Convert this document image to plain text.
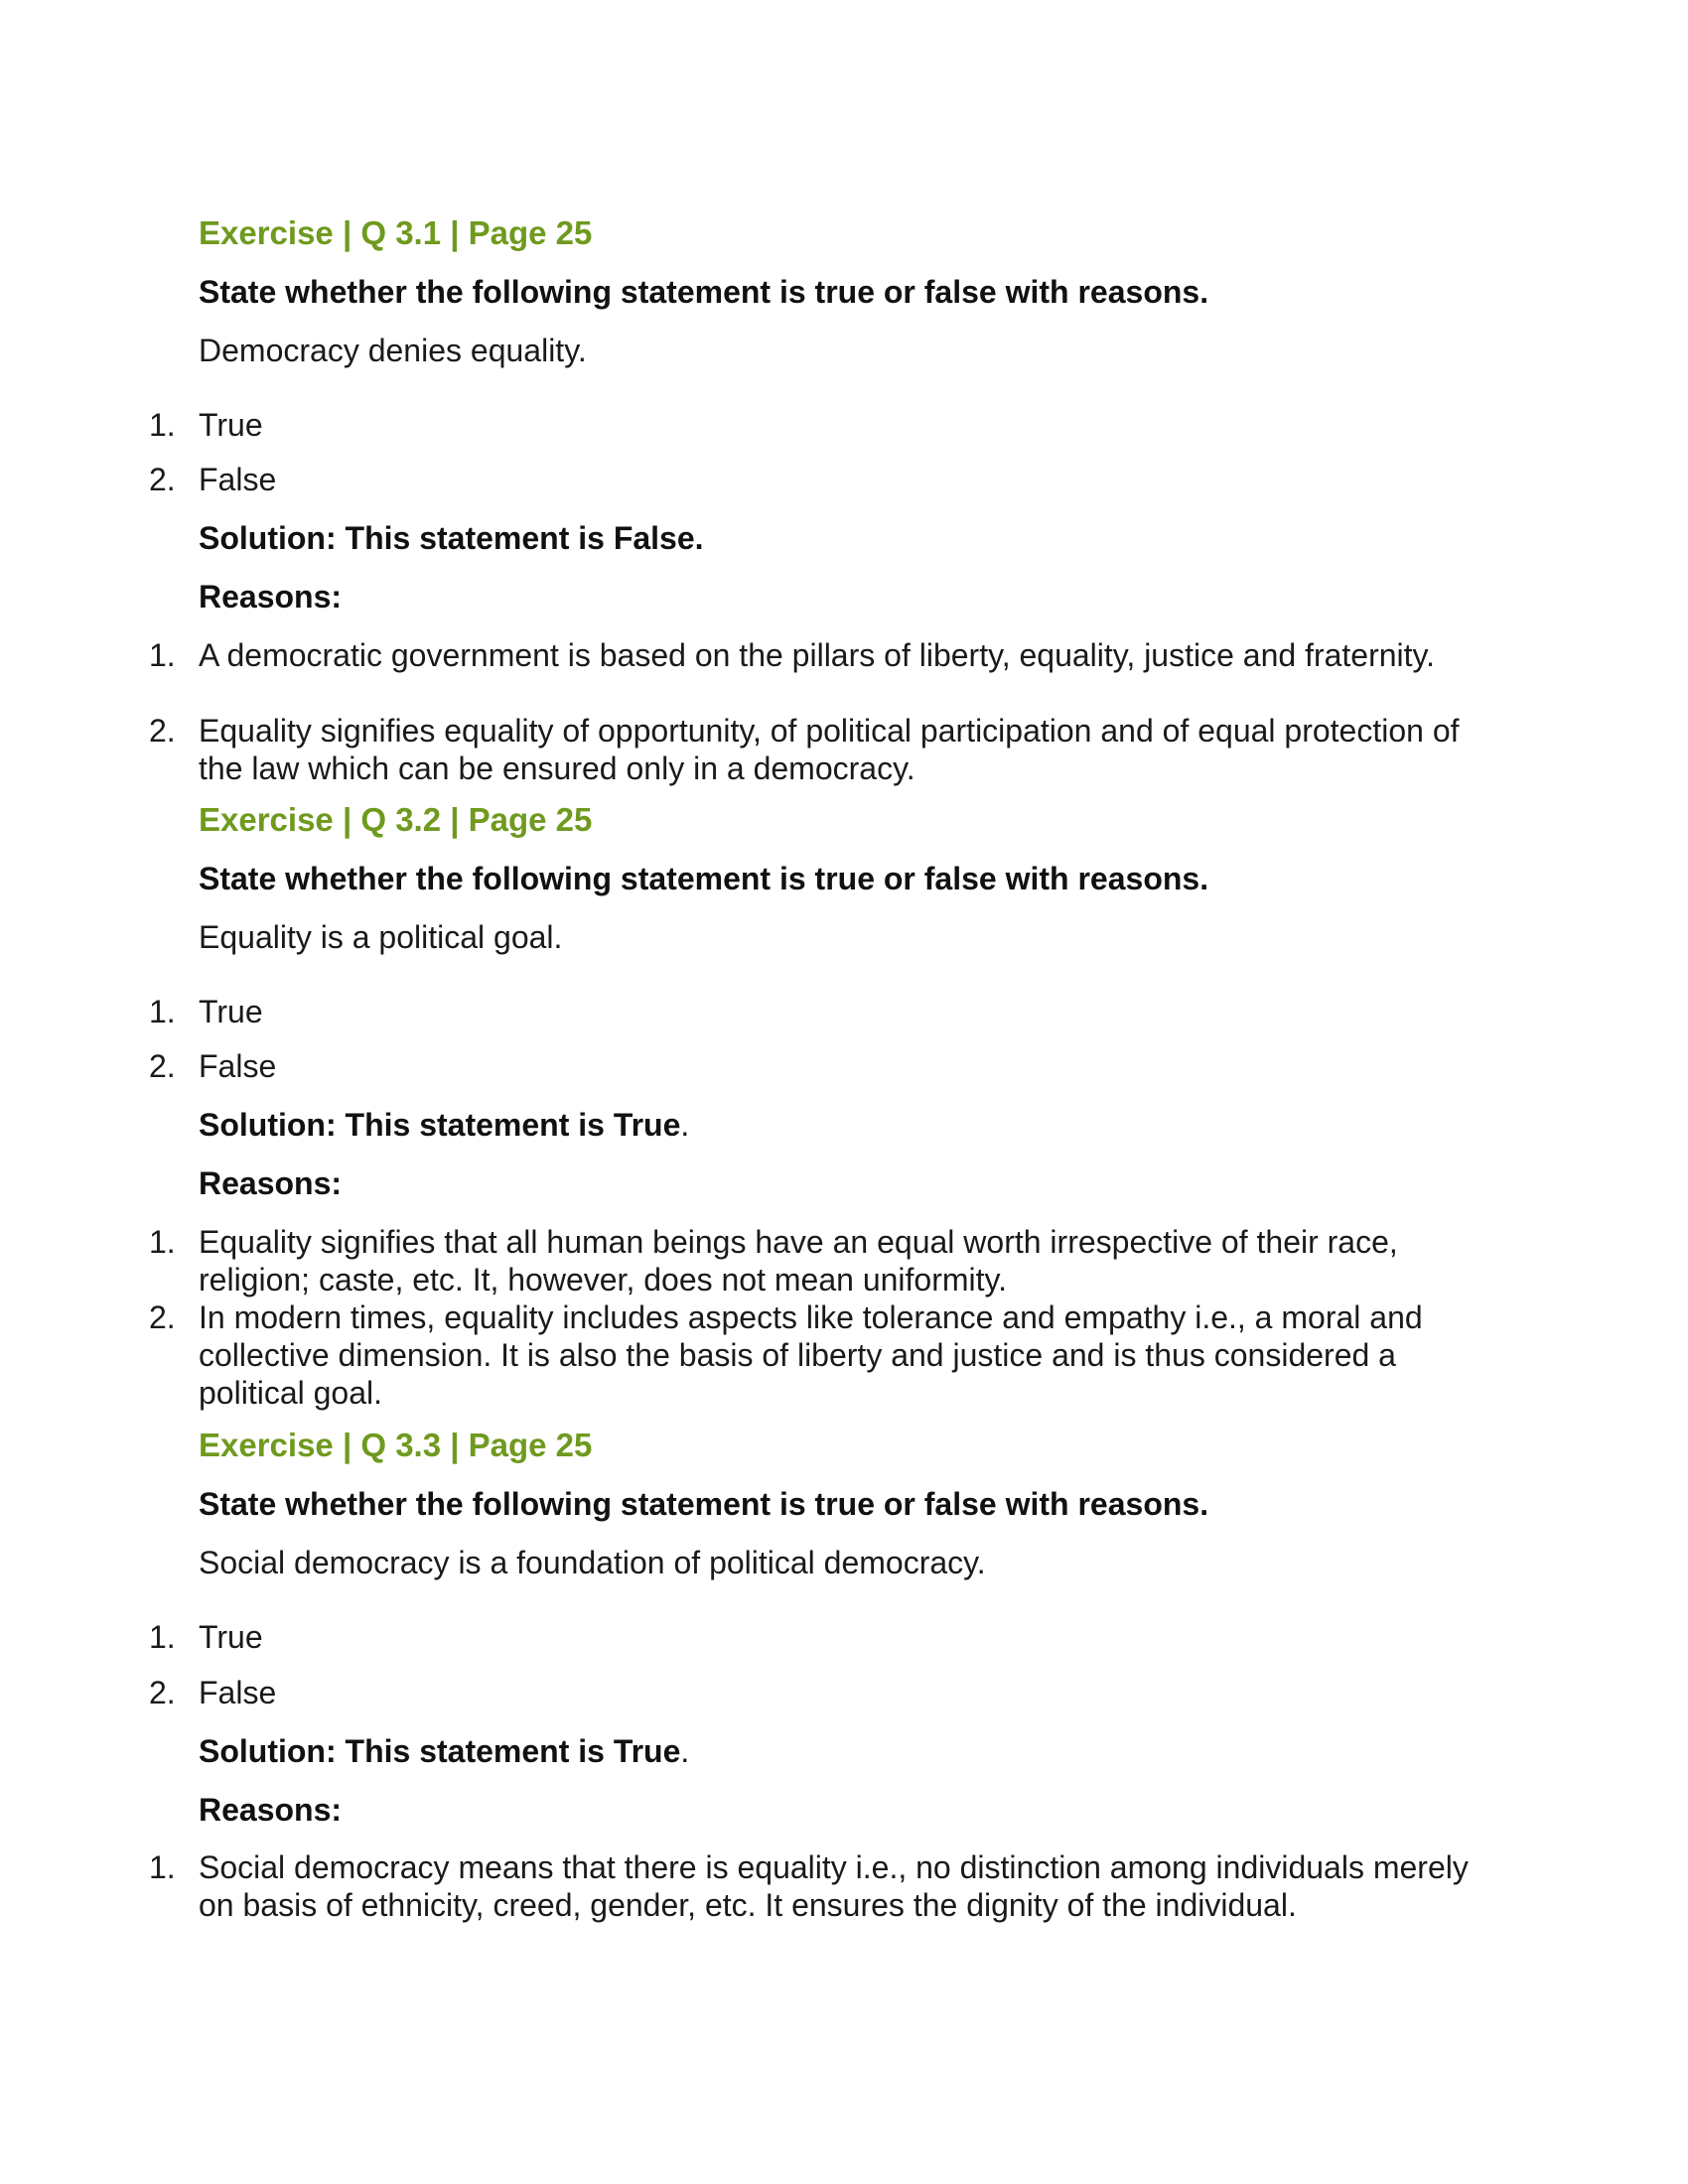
Exercise | Q 3.1 | Page 25
State whether the following statement is true or false with reasons.
Democracy denies equality.
1. True
2. False
Solution: This statement is False.
Reasons:
1. A democratic government is based on the pillars of liberty, equality, justice and fraternity.
2. Equality signifies equality of opportunity, of political participation and of equal protection of the law which can be ensured only in a democracy.
Exercise | Q 3.2 | Page 25
State whether the following statement is true or false with reasons.
Equality is a political goal.
1. True
2. False
Solution: This statement is True.
Reasons:
1. Equality signifies that all human beings have an equal worth irrespective of their race, religion; caste, etc. It, however, does not mean uniformity.
2. In modern times, equality includes aspects like tolerance and empathy i.e., a moral and collective dimension. It is also the basis of liberty and justice and is thus considered a political goal.
Exercise | Q 3.3 | Page 25
State whether the following statement is true or false with reasons.
Social democracy is a foundation of political democracy.
1. True
2. False
Solution: This statement is True.
Reasons:
1. Social democracy means that there is equality i.e., no distinction among individuals merely on basis of ethnicity, creed, gender, etc. It ensures the dignity of the individual.
